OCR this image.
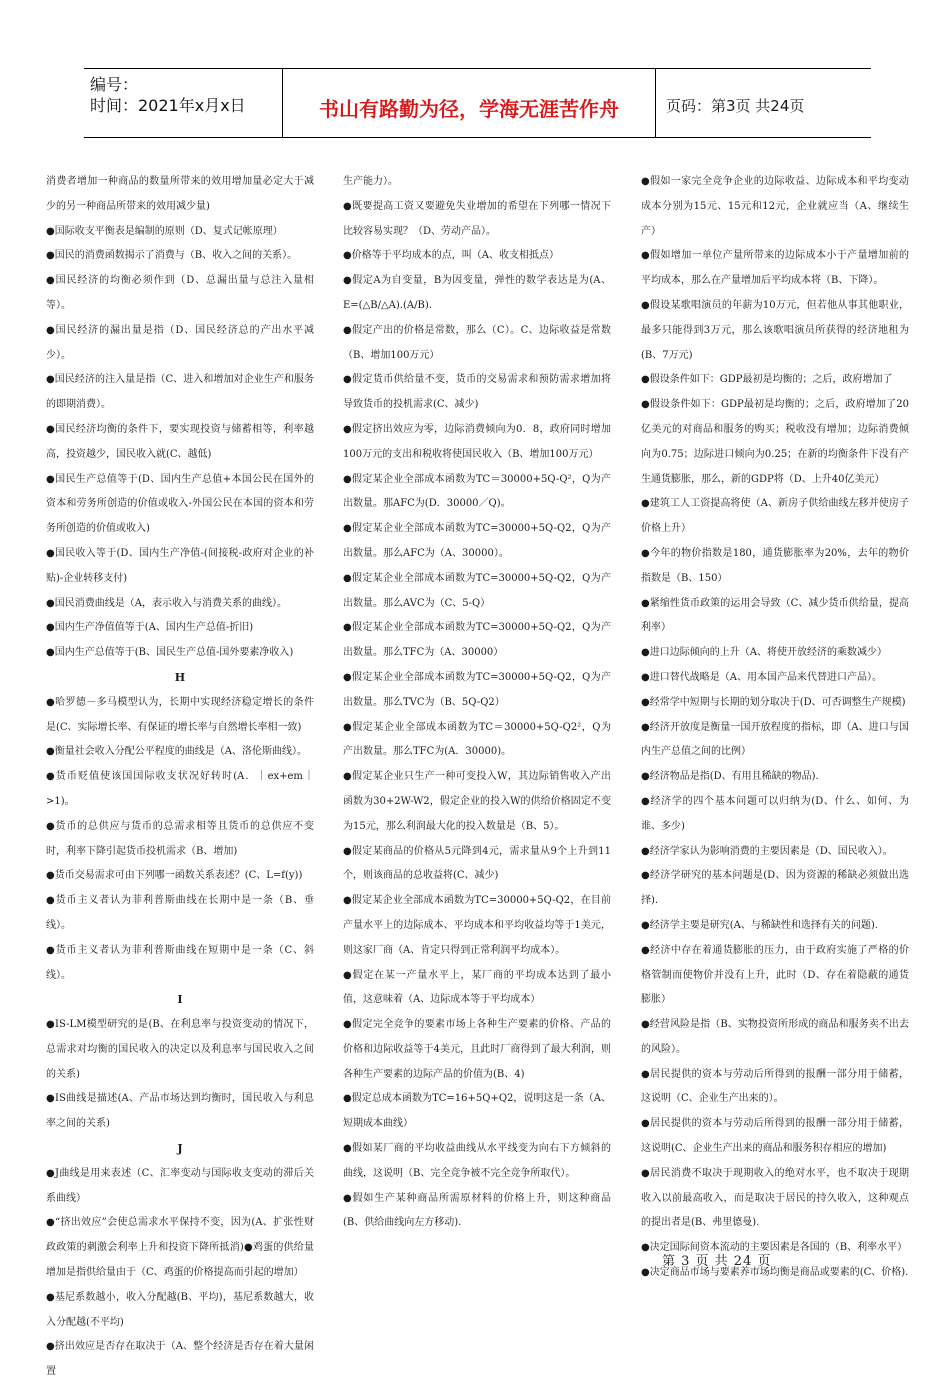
编号：
时间：2021年x月x日	书山有路勤为径，学海无涯苦作舟	页码：第3页 共24页

消费者增加一种商品的数量所带来的效用增加量必定大于减少的另一种商品所带来的效用减少量)

●国际收支平衡表是编制的原则（D、复式记帐原理）

●国民的消费函数揭示了消费与（B、收入之间的关系）。

●国民经济的均衡必须作到（D、总漏出量与总注入量相等）。

●国民经济的漏出量是指（D、国民经济总的产出水平减少）。

●国民经济的注入量是指（C、进入和增加对企业生产和服务的即期消费）。

●国民经济均衡的条件下，要实现投资与储蓄相等，利率越高，投资越少，国民收入就(C、越低)

●国民生产总值等于(D、国内生产总值+本国公民在国外的资本和劳务所创造的价值或收入-外国公民在本国的资本和劳务所创造的价值或收入)

●国民收入等于(D、国内生产净值-(间接税-政府对企业的补贴)-企业转移支付)

●国民消费曲线是（A，表示收入与消费关系的曲线）。

●国内生产净值值等于(A、国内生产总值-折旧)

●国内生产总值等于(B、国民生产总值-国外要素净收入)

H

●哈罗德－多马模型认为，长期中实现经济稳定增长的条件是(C、实际增长率、有保证的增长率与自然增长率相一致)

●衡量社会收入分配公平程度的曲线是（A、洛伦斯曲线）。

●货币贬值使该国国际收支状况好转时(A．｜ex+em｜>1)。

●货币的总供应与货币的总需求相等且货币的总供应不变时，利率下降引起货币投机需求（B、增加)

●货币交易需求可由下列哪一函数关系表述？(C、L=f(y))

●货币主义者认为菲利普斯曲线在长期中是一条（B、垂线）。

●货币主义者认为菲利普斯曲线在短期中是一条（C、斜线）。

I

●IS-LM模型研究的是(B、在利息率与投资变动的情况下，总需求对均衡的国民收入的决定以及利息率与国民收入之间的关系)

●IS曲线是描述(A、产品市场达到均衡时，国民收入与利息率之间的关系)

J

●J曲线是用来表述（C、汇率变动与国际收支变动的滞后关系曲线）

●“挤出效应”会使总需求水平保持不变，因为(A、扩张性财政政策的刺激会利率上升和投资下降所抵消)●鸡蛋的供给量增加是指供给量由于（C、鸡蛋的价格提高而引起的增加）

●基尼系数越小，收入分配越(B、平均)，基尼系数越大，收入分配越(不平均)

●挤出效应是否存在取决于（A、整个经济是否存在着大量闲置

生产能力）。

●既要提高工资又要避免失业增加的希望在下列哪一情况下比较容易实现？（D、劳动产品）。

●价格等于平均成本的点，叫（A、收支相抵点）

●假定A为自变量，B为因变量，弹性的数学表达是为(A、E=(△B/△A).(A/B).

●假定产出的价格是常数，那么（C）。C、边际收益是常数（B、增加100万元）

●假定货币供给量不变，货币的交易需求和预防需求增加将导致货币的投机需求(C、减少)

●假定挤出效应为零，边际消费倾向为0．8，政府同时增加100万元的支出和税收将使国民收入（B、增加100万元）

●假定某企业全部成本函数为TC＝30000+5Q-Q²，Q为产出数量。那AFC为(D．30000／Q)。

●假定某企业全部成本函数为TC=30000+5Q-Q2，Q为产出数量。那么AFC为（A、30000）。

●假定某企业全部成本函数为TC=30000+5Q-Q2，Q为产出数量。那么AVC为（C、5-Q）

●假定某企业全部成本函数为TC=30000+5Q-Q2，Q为产出数量。那么TFC为（A、30000）

●假定某企业全部成本函数为TC=30000+5Q-Q2，Q为产出数量。那么TVC为（B、5Q-Q2）

●假定某企业全部成本函数为TC＝30000+5Q-Q2²，Q为产出数量。那么TFC为(A．30000)。

●假定某企业只生产一种可变投入W，其边际销售收入产出函数为30+2W-W2，假定企业的投入W的供给价格固定不变为15元，那么利润最大化的投入数量是（B、5）。

●假定某商品的价格从5元降到4元，需求量从9个上升到11个，则该商品的总收益将(C、减少)

●假定某企业全部成本函数为TC=30000+5Q-Q2，在目前产量水平上的边际成本、平均成本和平均收益均等于1美元，则这家厂商（A、肯定只得到正常利润平均成本）。

●假定在某一产量水平上，某厂商的平均成本达到了最小值，这意味着（A、边际成本等于平均成本）

●假定完全竞争的要素市场上各种生产要素的价格、产品的价格和边际收益等于4美元，且此时厂商得到了最大利润，则各种生产要素的边际产品的价值为(B、4)

●假定总成本函数为TC=16+5Q+Q2，说明这是一条（A、短期成本曲线）

●假如某厂商的平均收益曲线从水平线变为向右下方倾斜的曲线，这说明（B、完全竞争被不完全竞争所取代）。

●假如生产某种商品所需原材料的价格上升，则这种商品(B、供给曲线向左方移动).

●假如一家完全竞争企业的边际收益、边际成本和平均变动成本分别为15元、15元和12元，企业就应当（A、继续生产）

●假如增加一单位产量所带来的边际成本小于产量增加前的平均成本，那么在产量增加后平均成本将（B、下降）。

●假设某歌唱演员的年薪为10万元，但若他从事其他职业，最多只能得到3万元，那么该歌唱演员所获得的经济地租为(B、7万元)

●假设条件如下：GDP最初是均衡的；之后，政府增加了

●假设条件如下：GDP最初是均衡的；之后，政府增加了20亿美元的对商品和服务的购买；税收没有增加；边际消费倾向为0.75；边际进口倾向为0.25；在新的均衡条件下没有产生通货膨胀，那么，新的GDP将（D、上升40亿美元）

●建筑工人工资提高将使（A、新房子供给曲线左移并使房子价格上升）

●今年的物价指数是180，通货膨胀率为20%，去年的物价指数是（B、150）

●紧缩性货币政策的运用会导致（C、减少货币供给量，提高利率）

●进口边际倾向的上升（A、将使开放经济的乘数减少）

●进口替代战略是（A、用本国产品来代替进口产品）。

●经常学中短期与长期的划分取决于(D、可否调整生产规模)

●经济开放度是衡量一国开放程度的指标，即（A、进口与国内生产总值之间的比例）

●经济物品是指(D、有用且稀缺的物品).

●经济学的四个基本问题可以归纳为(D、什么、如何、为谁、多少)

●经济学家认为影响消费的主要因素是（D、国民收入）。

●经济学研究的基本问题是(D、因为资源的稀缺必须做出选择).

●经济学主要是研究(A、与稀缺性和选择有关的问题).

●经济中存在着通货膨胀的压力，由于政府实施了严格的价格管制而使物价并没有上升，此时（D、存在着隐蔽的通货膨胀）

●经营风险是指（B、实物投资所形成的商品和服务卖不出去的风险）。

●居民提供的资本与劳动后所得到的报酬一部分用于储蓄，这说明（C、企业生产出来的）。

●居民提供的资本与劳动后所得到的报酬一部分用于储蓄，这说明(C、企业生产出来的商品和服务积存相应的增加)

●居民消费不取决于现期收入的绝对水平，也不取决于现期收入以前最高收入，而是取决于居民的持久收入，这种观点的提出者是(B、弗里德曼).

●决定国际间资本流动的主要因素是各国的（B、利率水平）

●决定商品市场与要素养市场均衡是商品或要素的(C、价格).

第 3 页 共 24 页
